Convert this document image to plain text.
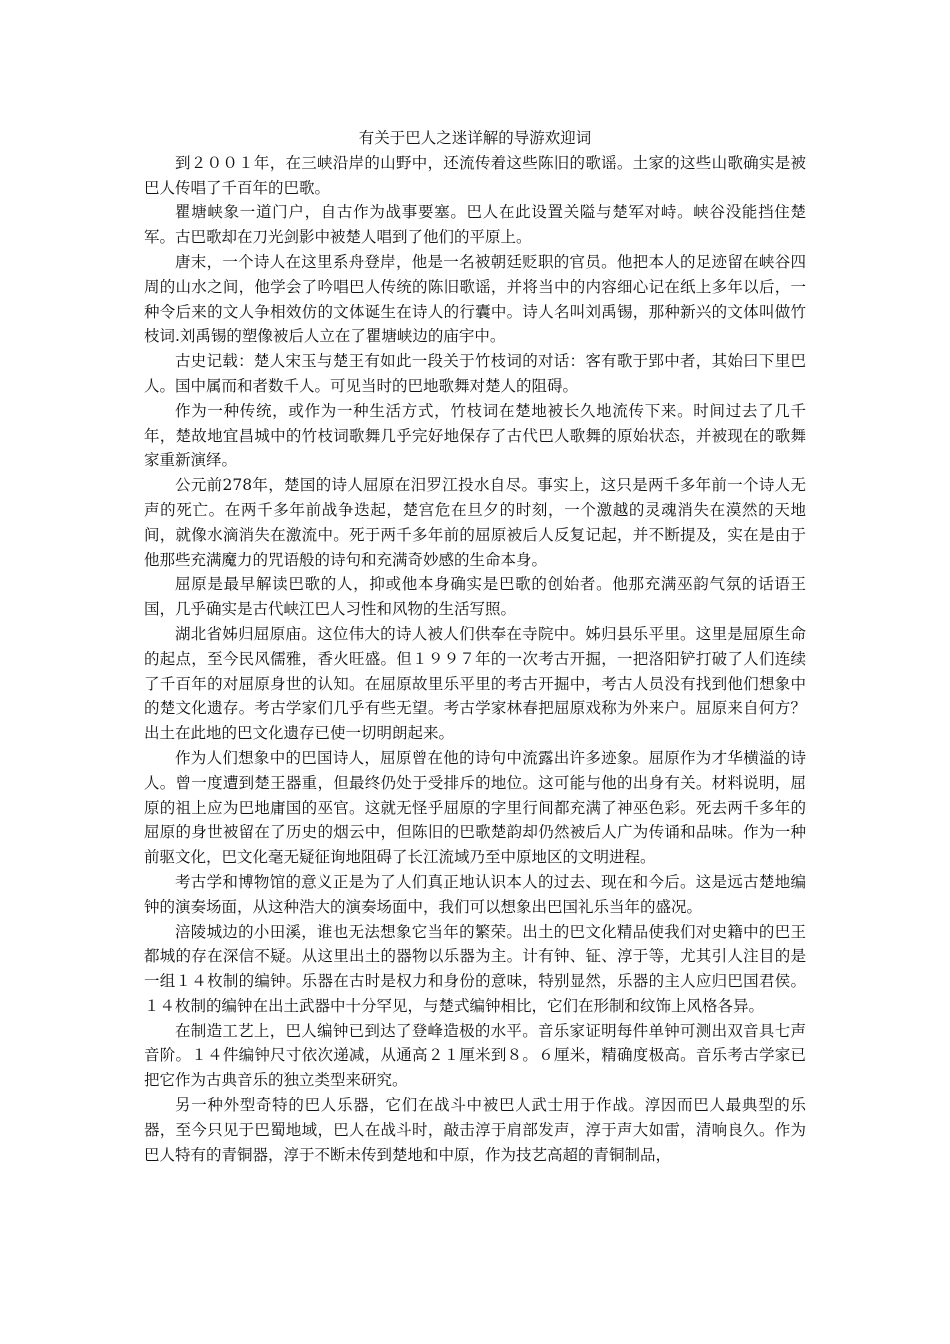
有关于巴人之迷详解的导游欢迎词

到２００１年，在三峡沿岸的山野中，还流传着这些陈旧的歌谣。土家的这些山歌确实是被巴人传唱了千百年的巴歌。

瞿塘峡象一道门户，自古作为战事要塞。巴人在此设置关隘与楚军对峙。峡谷没能挡住楚军。古巴歌却在刀光剑影中被楚人唱到了他们的平原上。

唐末，一个诗人在这里系舟登岸，他是一名被朝廷贬职的官员。他把本人的足迹留在峡谷四周的山水之间，他学会了吟唱巴人传统的陈旧歌谣，并将当中的内容细心记在纸上多年以后，一种令后来的文人争相效仿的文体诞生在诗人的行囊中。诗人名叫刘禹锡，那种新兴的文体叫做竹枝词.刘禹锡的塑像被后人立在了瞿塘峡边的庙宇中。

古史记载：楚人宋玉与楚王有如此一段关于竹枝词的对话：客有歌于郢中者，其始曰下里巴人。国中属而和者数千人。可见当时的巴地歌舞对楚人的阻碍。

作为一种传统，或作为一种生活方式，竹枝词在楚地被长久地流传下来。时间过去了几千年，楚故地宜昌城中的竹枝词歌舞几乎完好地保存了古代巴人歌舞的原始状态，并被现在的歌舞家重新演绎。

公元前278年，楚国的诗人屈原在汨罗江投水自尽。事实上，这只是两千多年前一个诗人无声的死亡。在两千多年前战争迭起，楚宫危在旦夕的时刻，一个激越的灵魂消失在漠然的天地间，就像水滴消失在激流中。死于两千多年前的屈原被后人反复记起，并不断提及，实在是由于他那些充满魔力的咒语般的诗句和充满奇妙感的生命本身。

屈原是最早解读巴歌的人，抑或他本身确实是巴歌的创始者。他那充满巫韵气氛的话语王国，几乎确实是古代峡江巴人习性和风物的生活写照。

湖北省姊归屈原庙。这位伟大的诗人被人们供奉在寺院中。姊归县乐平里。这里是屈原生命的起点，至今民风儒雅，香火旺盛。但１９９７年的一次考古开掘，一把洛阳铲打破了人们连续了千百年的对屈原身世的认知。在屈原故里乐平里的考古开掘中，考古人员没有找到他们想象中的楚文化遗存。考古学家们几乎有些无望。考古学家林春把屈原戏称为外来户。屈原来自何方？出土在此地的巴文化遗存已使一切明朗起来。

作为人们想象中的巴国诗人，屈原曾在他的诗句中流露出许多迹象。屈原作为才华横溢的诗人。曾一度遭到楚王器重，但最终仍处于受排斥的地位。这可能与他的出身有关。材料说明，屈原的祖上应为巴地庸国的巫官。这就无怪乎屈原的字里行间都充满了神巫色彩。死去两千多年的屈原的身世被留在了历史的烟云中，但陈旧的巴歌楚韵却仍然被后人广为传诵和品味。作为一种前驱文化，巴文化毫无疑征询地阻碍了长江流域乃至中原地区的文明进程。

考古学和博物馆的意义正是为了人们真正地认识本人的过去、现在和今后。这是远古楚地编钟的演奏场面，从这种浩大的演奏场面中，我们可以想象出巴国礼乐当年的盛况。

涪陵城边的小田溪，谁也无法想象它当年的繁荣。出土的巴文化精品使我们对史籍中的巴王都城的存在深信不疑。从这里出土的器物以乐器为主。计有钟、钲、淳于等，尤其引人注目的是一组１４枚制的编钟。乐器在古时是权力和身份的意味，特别显然，乐器的主人应归巴国君侯。１４枚制的编钟在出土武器中十分罕见，与楚式编钟相比，它们在形制和纹饰上风格各异。

在制造工艺上，巴人编钟已到达了登峰造极的水平。音乐家证明每件单钟可测出双音具七声音阶。１４件编钟尺寸依次递减，从通高２１厘米到８。６厘米，精确度极高。音乐考古学家已把它作为古典音乐的独立类型来研究。

另一种外型奇特的巴人乐器，它们在战斗中被巴人武士用于作战。淳因而巴人最典型的乐器，至今只见于巴蜀地域，巴人在战斗时，敲击淳于肩部发声，淳于声大如雷，清响良久。作为巴人特有的青铜器，淳于不断未传到楚地和中原，作为技艺高超的青铜制品，
